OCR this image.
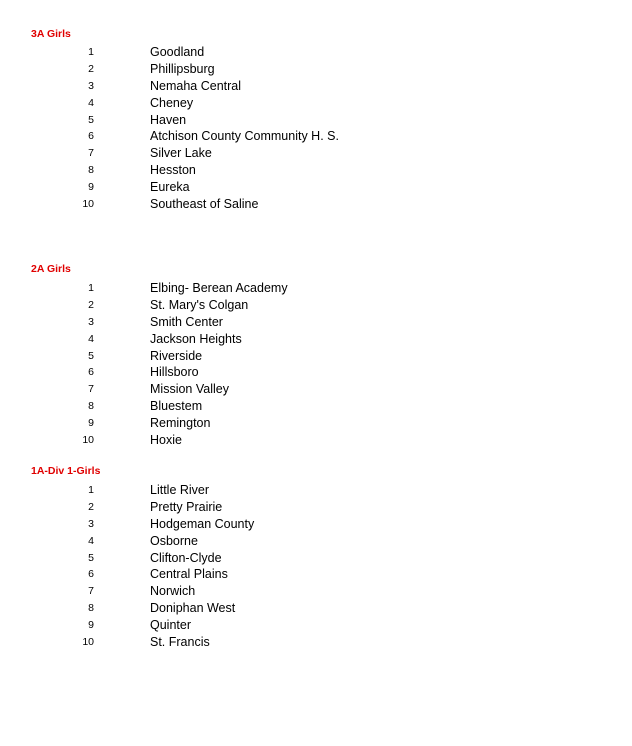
3A Girls
1	Goodland
2	Phillipsburg
3	Nemaha Central
4	Cheney
5	Haven
6	Atchison County Community H. S.
7	Silver Lake
8	Hesston
9	Eureka
10	Southeast of Saline
2A Girls
1	Elbing- Berean Academy
2	St. Mary's Colgan
3	Smith Center
4	Jackson Heights
5	Riverside
6	Hillsboro
7	Mission Valley
8	Bluestem
9	Remington
10	Hoxie
1A-Div 1-Girls
1	Little River
2	Pretty Prairie
3	Hodgeman County
4	Osborne
5	Clifton-Clyde
6	Central Plains
7	Norwich
8	Doniphan West
9	Quinter
10	St. Francis
